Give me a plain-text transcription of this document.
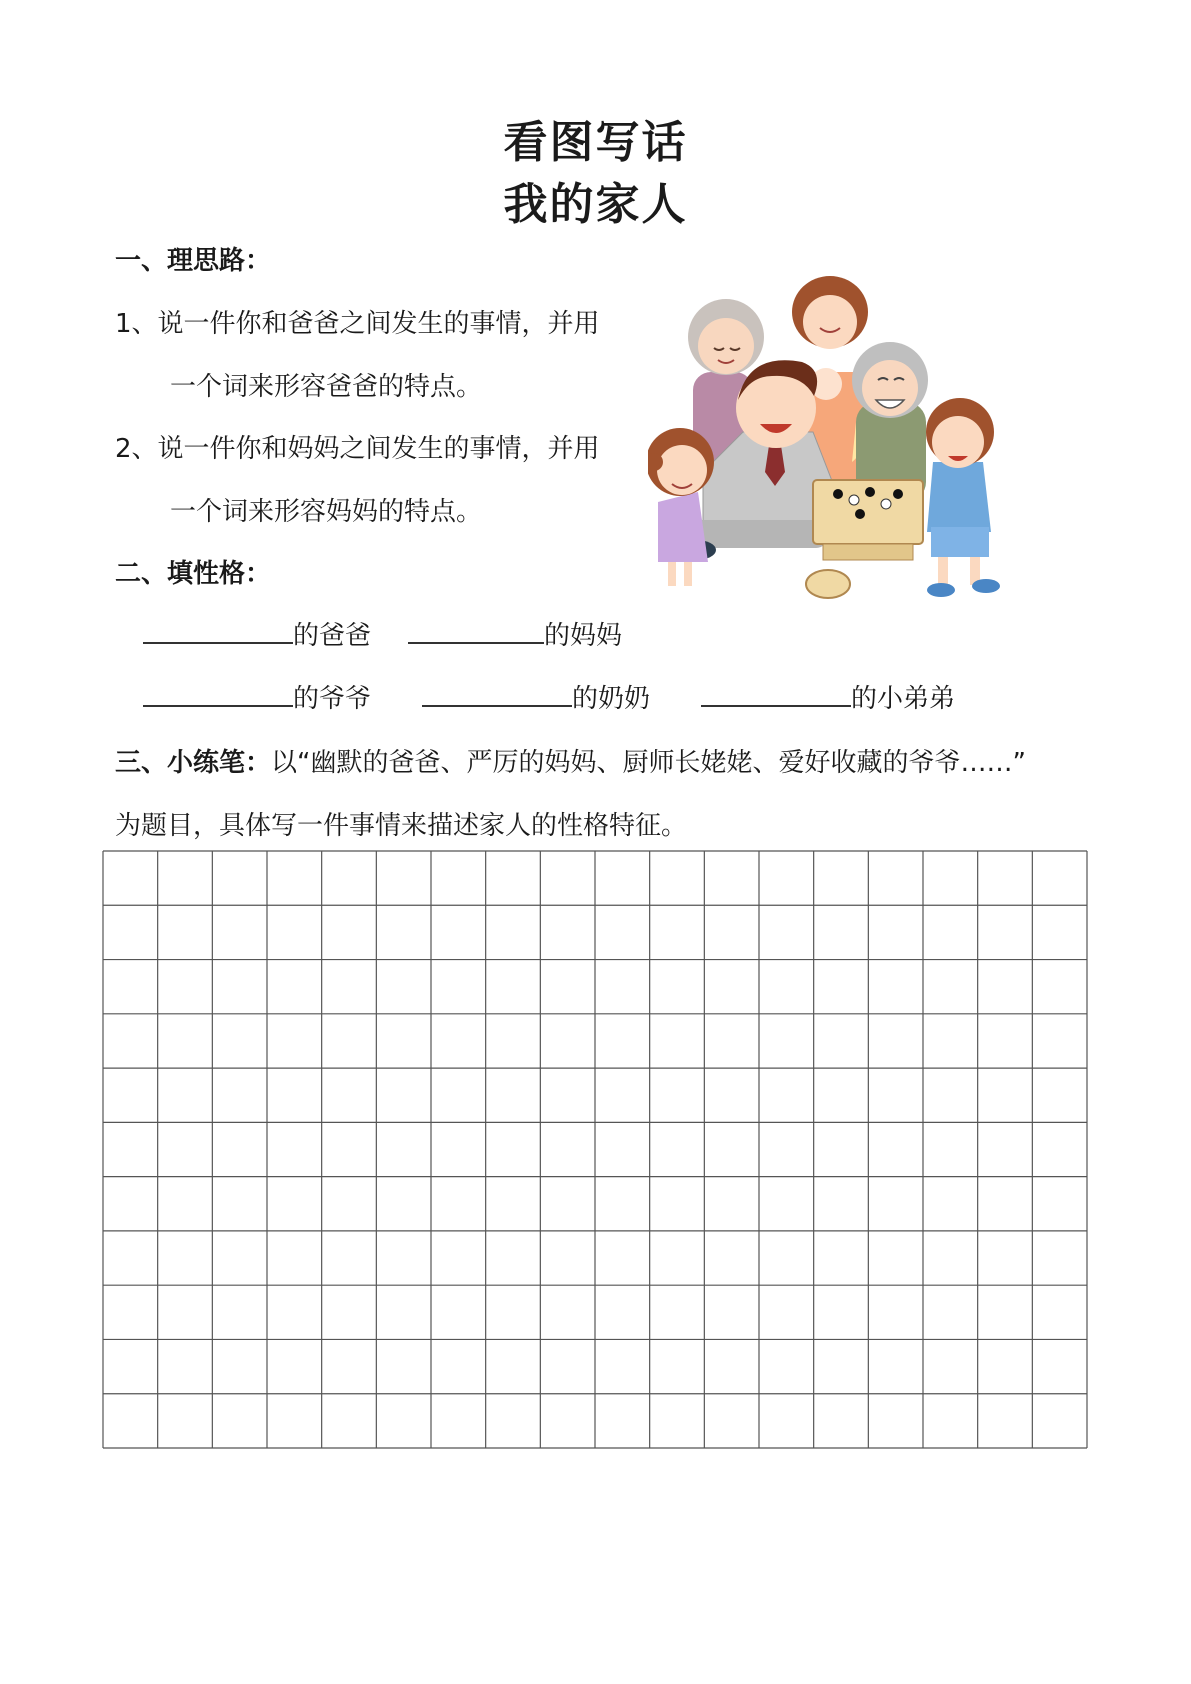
看图写话
我的家人
一、理思路：
1、说一件你和爸爸之间发生的事情，并用
一个词来形容爸爸的特点。
2、说一件你和妈妈之间发生的事情，并用
一个词来形容妈妈的特点。
二、填性格：
的爸爸	的妈妈
的爷爷	的奶奶	的小弟弟
三、小练笔：以“幽默的爸爸、严厉的妈妈、厨师长姥姥、爱好收藏的爷爷……”
为题目，具体写一件事情来描述家人的性格特征。
